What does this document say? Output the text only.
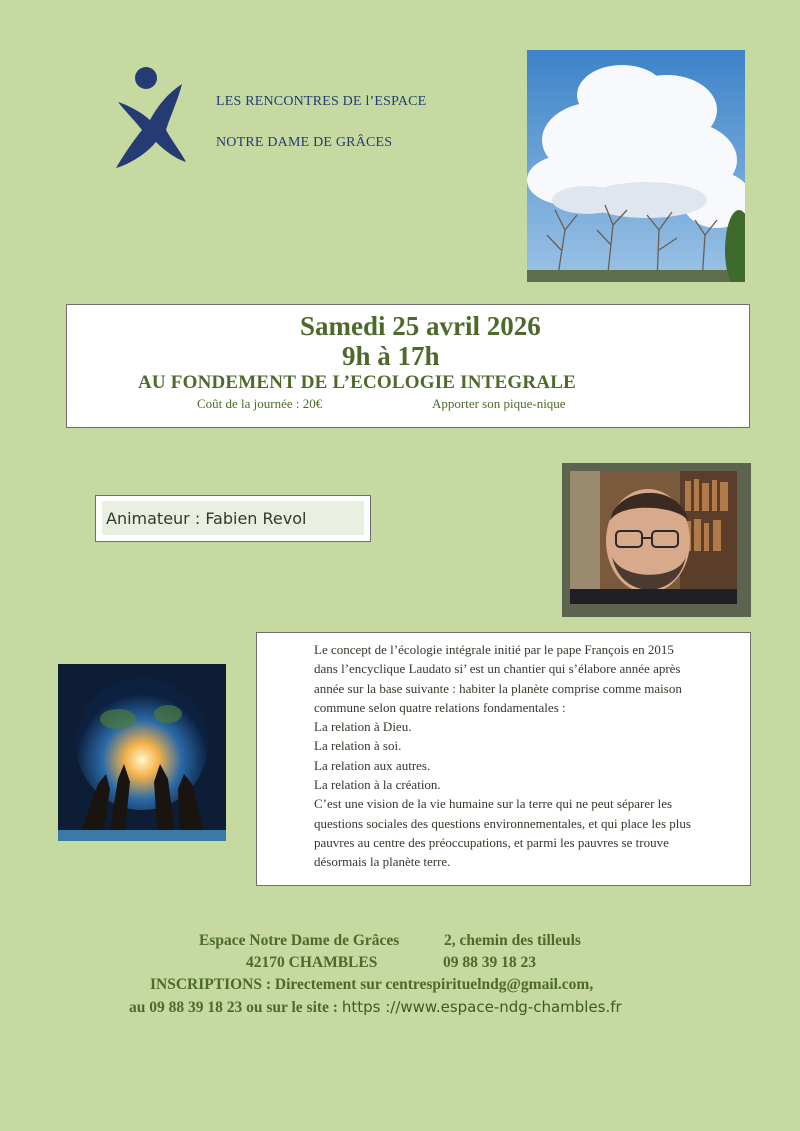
LES RENCONTRES DE l’ESPACE
NOTRE DAME DE GRÂCES
Samedi 25 avril 2026
9h à 17h
AU FONDEMENT DE L’ECOLOGIE INTEGRALE
Coût de la journée : 20€	Apporter son pique-nique
Animateur : Fabien Revol
Le concept de l’écologie intégrale initié par le pape François en 2015
dans l’encyclique Laudato si’ est un chantier qui s’élabore année après
année sur la base suivante : habiter la planète comprise comme maison
commune selon quatre relations fondamentales :
La relation à Dieu.
La relation à soi.
La relation aux autres.
La relation à la création.
C’est une vision de la vie humaine sur la terre qui ne peut séparer les
questions sociales des questions environnementales, et qui place les plus
pauvres au centre des préoccupations, et parmi les pauvres se trouve
désormais la planète terre.
Espace Notre Dame de Grâces	2, chemin des tilleuls
42170 CHAMBLES	09 88 39 18 23
INSCRIPTIONS : Directement sur centrespirituelndg@gmail.com,
au 09 88 39 18 23 ou sur le site : https ://www.espace-ndg-chambles.fr
